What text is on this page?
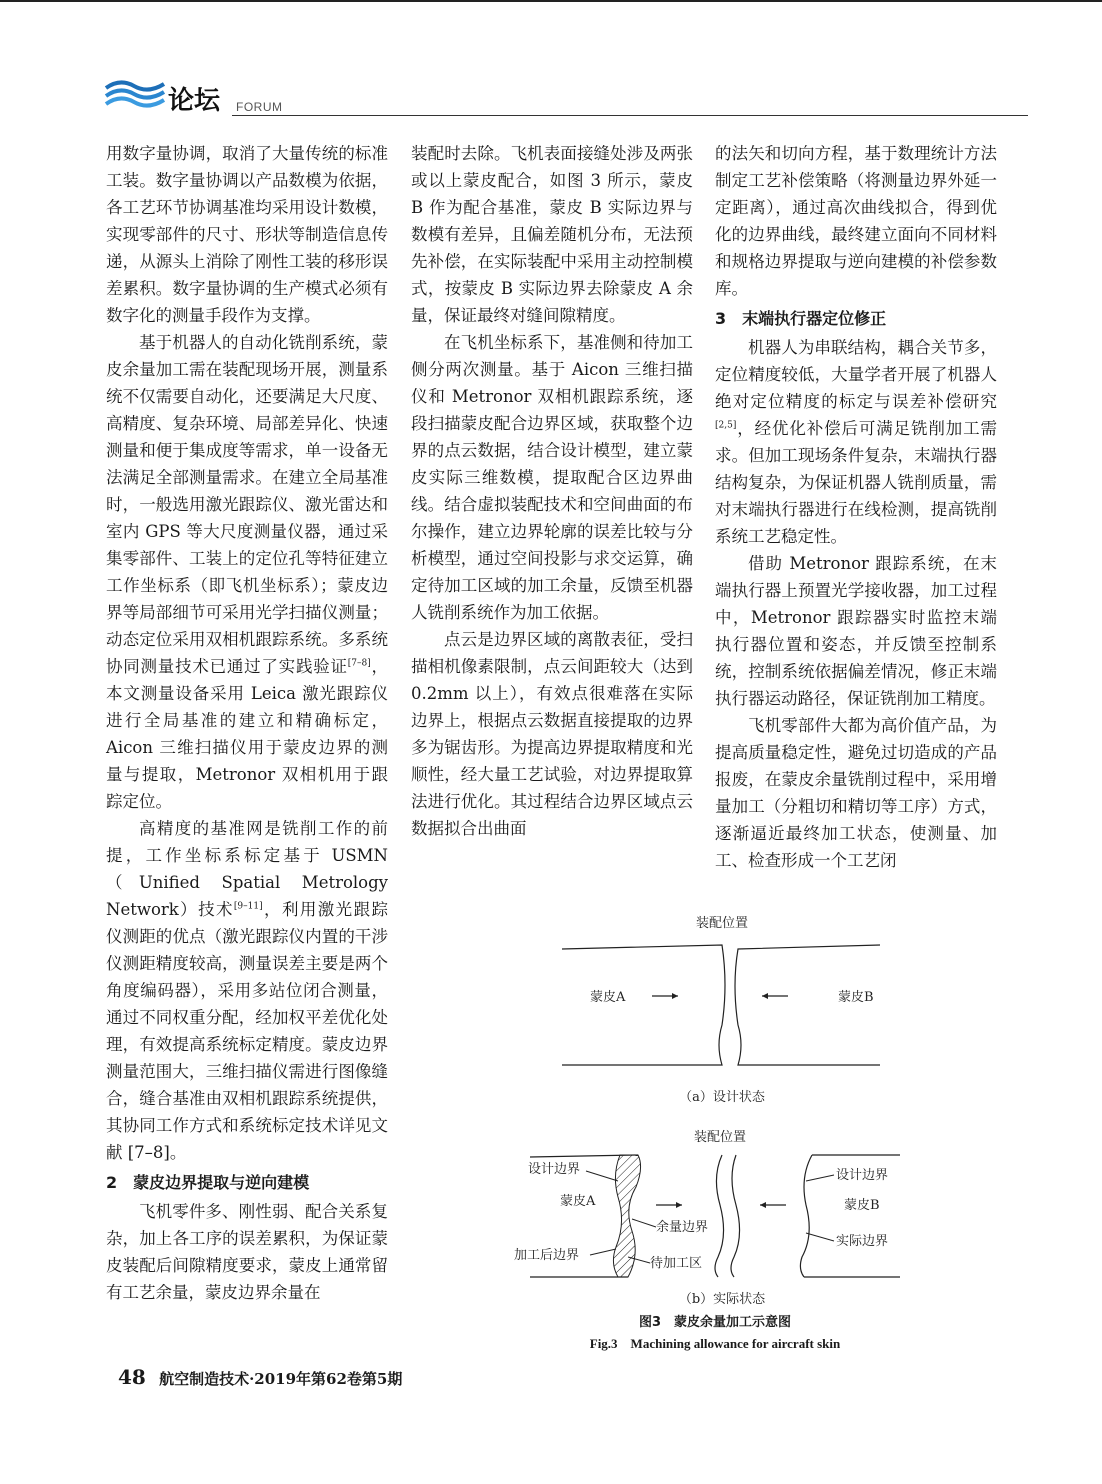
论坛 FORUM

用数字量协调，取消了大量传统的标准工装。数字量协调以产品数模为依据，各工艺环节协调基准均采用设计数模，实现零部件的尺寸、形状等制造信息传递，从源头上消除了刚性工装的移形误差累积。数字量协调的生产模式必须有数字化的测量手段作为支撑。

基于机器人的自动化铣削系统，蒙皮余量加工需在装配现场开展，测量系统不仅需要自动化，还要满足大尺度、高精度、复杂环境、局部差异化、快速测量和便于集成度等需求，单一设备无法满足全部测量需求。在建立全局基准时，一般选用激光跟踪仪、激光雷达和室内 GPS 等大尺度测量仪器，通过采集零部件、工装上的定位孔等特征建立工作坐标系（即飞机坐标系）；蒙皮边界等局部细节可采用光学扫描仪测量；动态定位采用双相机跟踪系统。多系统协同测量技术已通过了实践验证[7–8]，本文测量设备采用 Leica 激光跟踪仪进行全局基准的建立和精确标定，Aicon 三维扫描仪用于蒙皮边界的测量与提取，Metronor 双相机用于跟踪定位。

高精度的基准网是铣削工作的前提，工作坐标系标定基于 USMN（Unified Spatial Metrology Network）技术[9–11]，利用激光跟踪仪测距的优点（激光跟踪仪内置的干涉仪测距精度较高，测量误差主要是两个角度编码器），采用多站位闭合测量，通过不同权重分配，经加权平差优化处理，有效提高系统标定精度。蒙皮边界测量范围大，三维扫描仪需进行图像缝合，缝合基准由双相机跟踪系统提供，其协同工作方式和系统标定技术详见文献 [7–8]。

2　蒙皮边界提取与逆向建模

飞机零件多、刚性弱、配合关系复杂，加上各工序的误差累积，为保证蒙皮装配后间隙精度要求，蒙皮上通常留有工艺余量，蒙皮边界余量在

装配时去除。飞机表面接缝处涉及两张或以上蒙皮配合，如图 3 所示，蒙皮 B 作为配合基准，蒙皮 B 实际边界与数模有差异，且偏差随机分布，无法预先补偿，在实际装配中采用主动控制模式，按蒙皮 B 实际边界去除蒙皮 A 余量，保证最终对缝间隙精度。

在飞机坐标系下，基准侧和待加工侧分两次测量。基于 Aicon 三维扫描仪和 Metronor 双相机跟踪系统，逐段扫描蒙皮配合边界区域，获取整个边界的点云数据，结合设计模型，建立蒙皮实际三维数模，提取配合区边界曲线。结合虚拟装配技术和空间曲面的布尔操作，建立边界轮廓的误差比较与分析模型，通过空间投影与求交运算，确定待加工区域的加工余量，反馈至机器人铣削系统作为加工依据。

点云是边界区域的离散表征，受扫描相机像素限制，点云间距较大（达到 0.2mm 以上），有效点很难落在实际边界上，根据点云数据直接提取的边界多为锯齿形。为提高边界提取精度和光顺性，经大量工艺试验，对边界提取算法进行优化。其过程结合边界区域点云数据拟合出曲面

的法矢和切向方程，基于数理统计方法制定工艺补偿策略（将测量边界外延一定距离），通过高次曲线拟合，得到优化的边界曲线，最终建立面向不同材料和规格边界提取与逆向建模的补偿参数库。

3　末端执行器定位修正

机器人为串联结构，耦合关节多，定位精度较低，大量学者开展了机器人绝对定位精度的标定与误差补偿研究[2,5]，经优化补偿后可满足铣削加工需求。但加工现场条件复杂，末端执行器结构复杂，为保证机器人铣削质量，需对末端执行器进行在线检测，提高铣削系统工艺稳定性。

借助 Metronor 跟踪系统，在末端执行器上预置光学接收器，加工过程中，Metronor 跟踪器实时监控末端执行器位置和姿态，并反馈至控制系统，控制系统依据偏差情况，修正末端执行器运动路径，保证铣削加工精度。

飞机零部件大都为高价值产品，为提高质量稳定性，避免过切造成的产品报废，在蒙皮余量铣削过程中，采用增量加工（分粗切和精切等工序）方式，逐渐逼近最终加工状态，使测量、加工、检查形成一个工艺闭

装配位置
蒙皮A	蒙皮B
（a）设计状态
装配位置
设计边界
蒙皮A
加工后边界
余量边界
待加工区
设计边界
蒙皮B
实际边界
（b）实际状态
图3　蒙皮余量加工示意图
Fig.3　Machining allowance for aircraft skin
48 航空制造技术·2019年第62卷第5期
